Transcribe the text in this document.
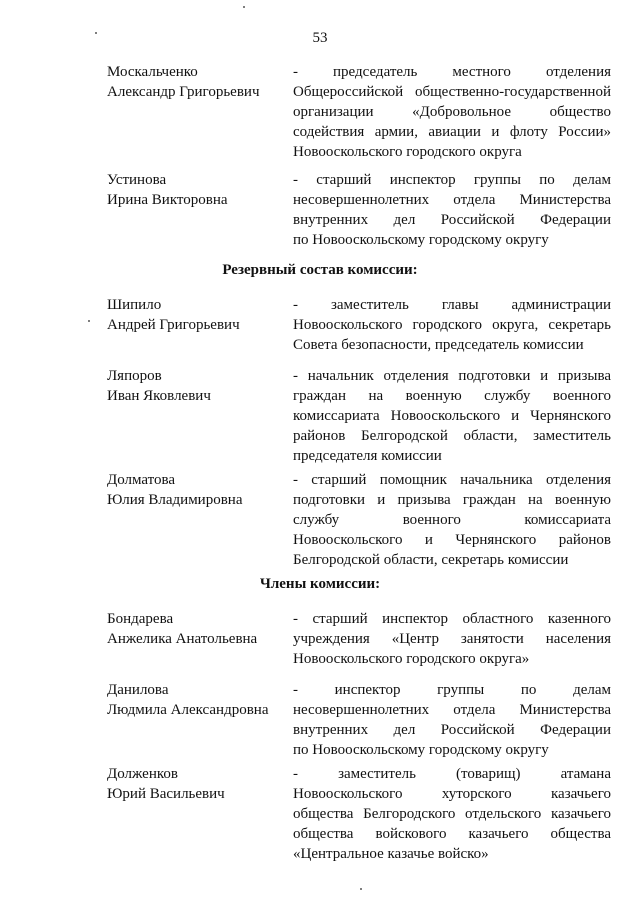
53
Москальченко
Александр Григорьевич
- председатель местного отделения
Общероссийской общественно-государственной
организации «Добровольное общество
содействия армии, авиации и флоту России»
Новооскольского городского округа
Устинова
Ирина Викторовна
- старший инспектор группы по делам
несовершеннолетних отдела Министерства
внутренних дел Российской Федерации
по Новооскольскому городскому округу
Резервный состав комиссии:
Шипило
Андрей Григорьевич
- заместитель главы администрации
Новооскольского городского округа, секретарь
Совета безопасности, председатель комиссии
Ляпоров
Иван Яковлевич
- начальник отделения подготовки и призыва
граждан на военную службу военного
комиссариата Новооскольского и Чернянского
районов Белгородской области, заместитель
председателя комиссии
Долматова
Юлия Владимировна
- старший помощник начальника отделения
подготовки и призыва граждан на военную
службу военного комиссариата
Новооскольского и Чернянского районов
Белгородской области, секретарь комиссии
Члены комиссии:
Бондарева
Анжелика Анатольевна
- старший инспектор областного казенного
учреждения «Центр занятости населения
Новооскольского городского округа»
Данилова
Людмила Александровна
- инспектор группы по делам
несовершеннолетних отдела Министерства
внутренних дел Российской Федерации
по Новооскольскому городскому округу
Долженков
Юрий Васильевич
- заместитель (товарищ) атамана
Новооскольского хуторского казачьего
общества Белгородского отдельского казачьего
общества войскового казачьего общества
«Центральное казачье войско»
